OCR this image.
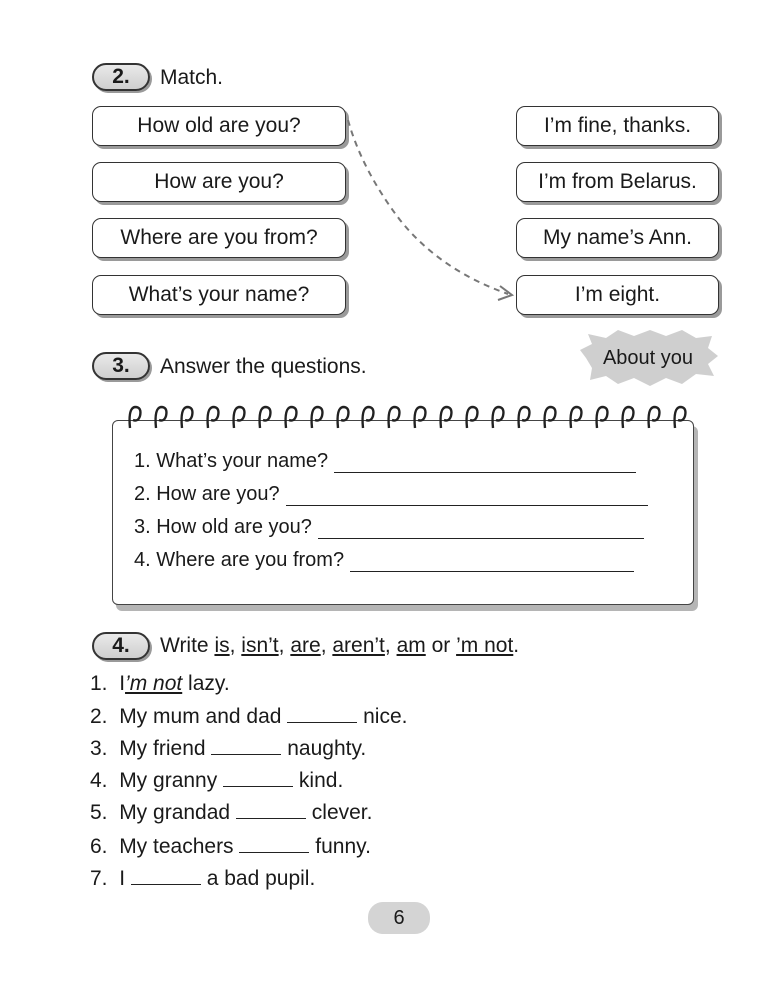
2.	Match.
How old are you?
How are you?
Where are you from?
What’s your name?
I’m fine, thanks.
I’m from Belarus.
My name’s Ann.
I’m eight.
3.	Answer the questions.	About you
1. What’s your name?
2. How are you?
3. How old are you?
4. Where are you from?
4.	Write is, isn’t, are, aren’t, am or ’m not.
1. I’m not lazy.
2. My mum and dad	nice.
3. My friend	naughty.
4. My granny	kind.
5. My grandad	clever.
6. My teachers	funny.
7. I	a bad pupil.
6
